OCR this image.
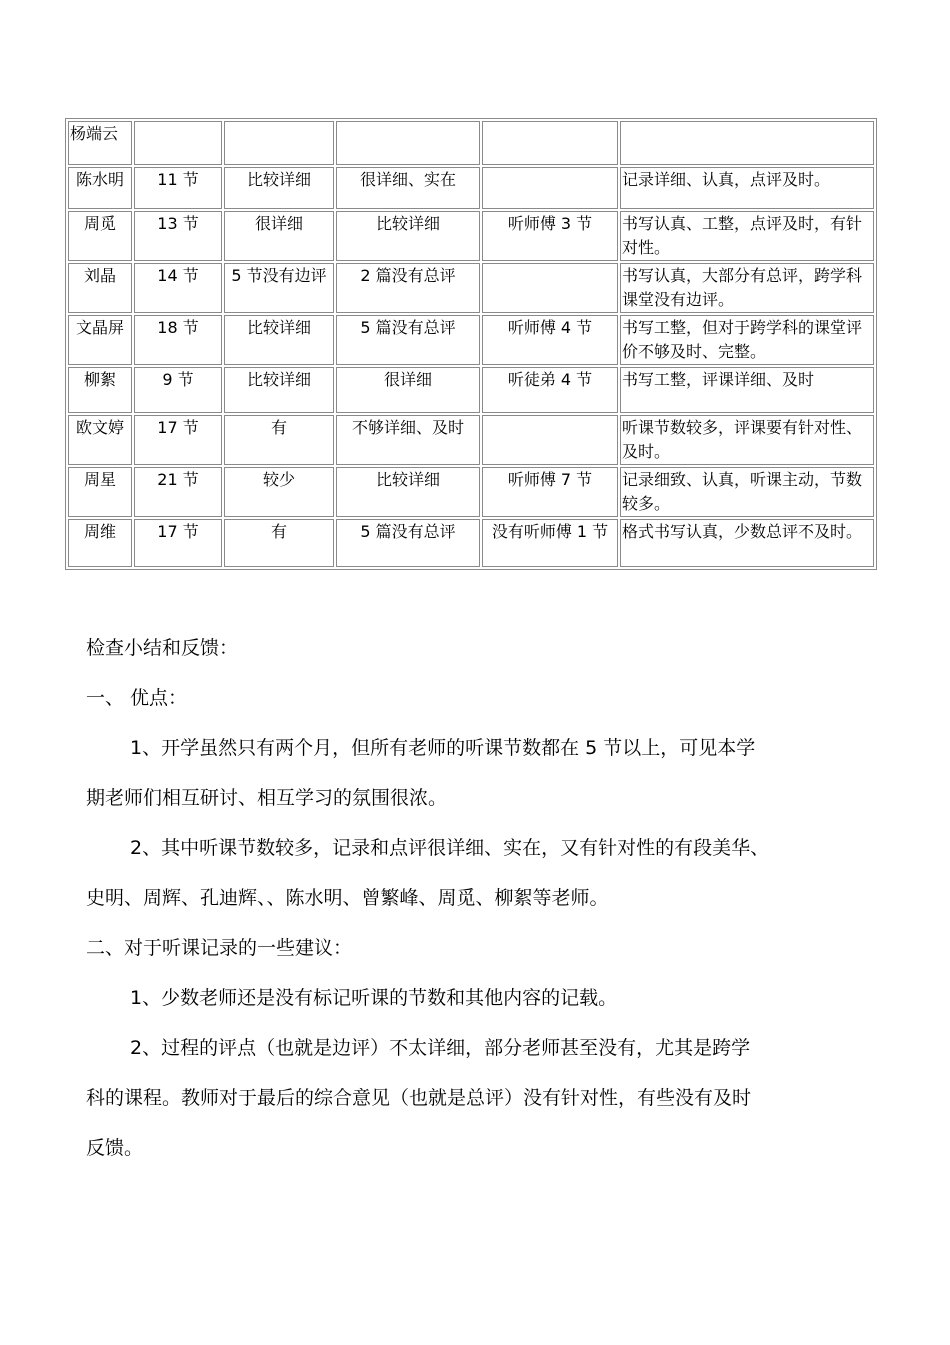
杨端云					
陈水明	11 节	比较详细	很详细、实在		记录详细、认真，点评及时。
周觅	13 节	很详细	比较详细	听师傅 3 节	书写认真、工整，点评及时，有针对性。
刘晶	14 节	5 节没有边评	2 篇没有总评		书写认真，大部分有总评，跨学科课堂没有边评。
文晶屏	18 节	比较详细	5 篇没有总评	听师傅 4 节	书写工整，但对于跨学科的课堂评价不够及时、完整。
柳絮	9 节	比较详细	很详细	听徒弟 4 节	书写工整，评课详细、及时
欧文婷	17 节	有	不够详细、及时		听课节数较多，评课要有针对性、及时。
周星	21 节	较少	比较详细	听师傅 7 节	记录细致、认真，听课主动，节数较多。
周维	17 节	有	5 篇没有总评	没有听师傅 1 节	格式书写认真，少数总评不及时。

检查小结和反馈：

一、 优点：

1、开学虽然只有两个月，但所有老师的听课节数都在 5 节以上，可见本学

期老师们相互研讨、相互学习的氛围很浓。

2、其中听课节数较多，记录和点评很详细、实在，又有针对性的有段美华、

史明、周辉、孔迪辉、、陈水明、曾繁峰、周觅、柳絮等老师。

二、对于听课记录的一些建议：

1、少数老师还是没有标记听课的节数和其他内容的记载。

2、过程的评点（也就是边评）不太详细，部分老师甚至没有，尤其是跨学

科的课程。教师对于最后的综合意见（也就是总评）没有针对性，有些没有及时

反馈。
